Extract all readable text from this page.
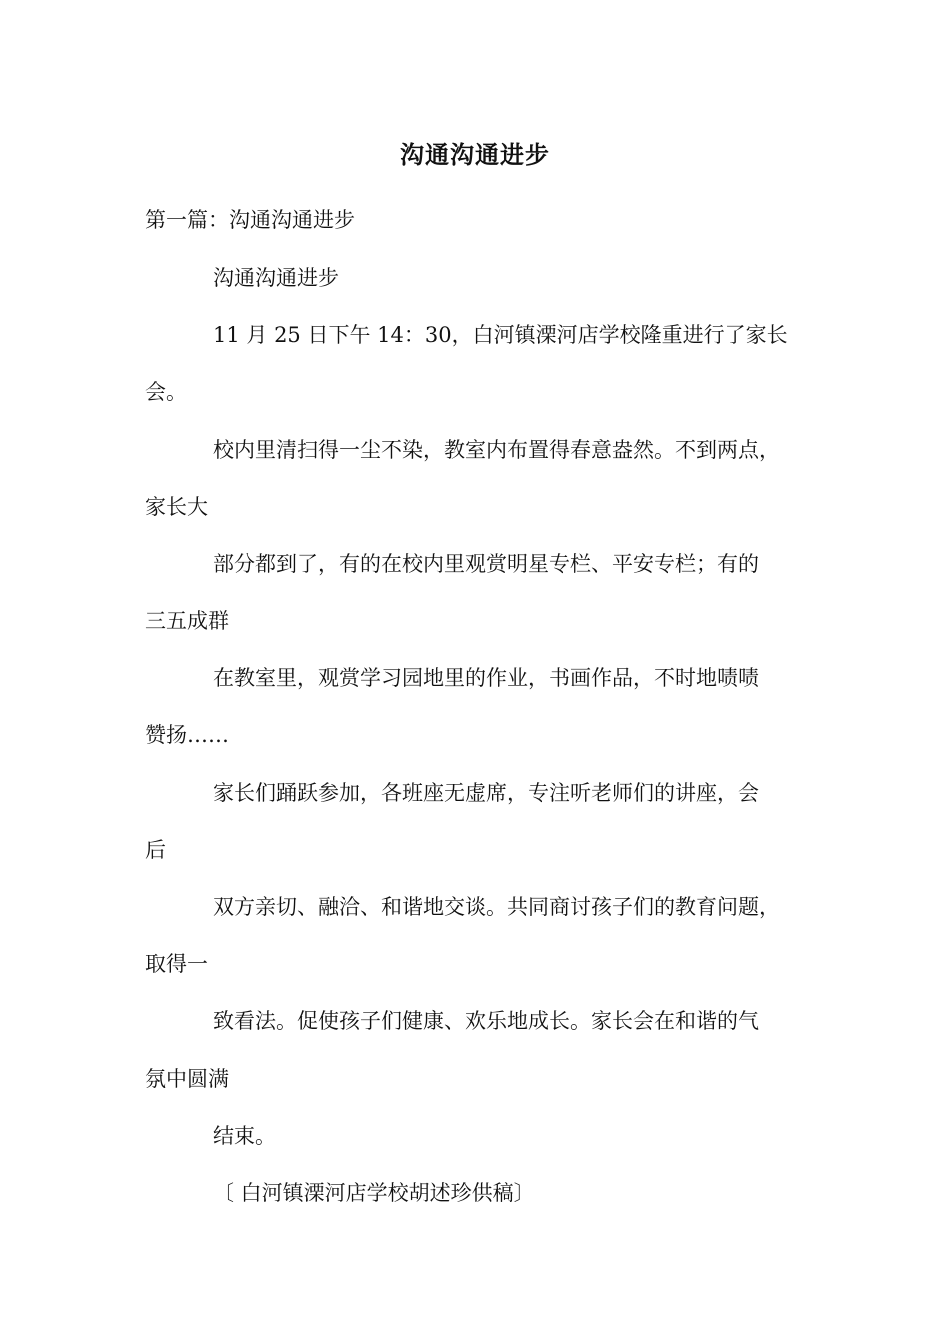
沟通沟通进步
第一篇：沟通沟通进步
沟通沟通进步
11 月 25 日下午 14：30，白河镇溧河店学校隆重进行了家长
会。
校内里清扫得一尘不染，教室内布置得春意盎然。不到两点，
家长大
部分都到了，有的在校内里观赏明星专栏、平安专栏；有的
三五成群
在教室里，观赏学习园地里的作业，书画作品，不时地啧啧
赞扬……
家长们踊跃参加，各班座无虚席，专注听老师们的讲座，会
后
双方亲切、融洽、和谐地交谈。共同商讨孩子们的教育问题，
取得一
致看法。促使孩子们健康、欢乐地成长。家长会在和谐的气
氛中圆满
结束。
〔 白河镇溧河店学校胡述珍供稿〕
